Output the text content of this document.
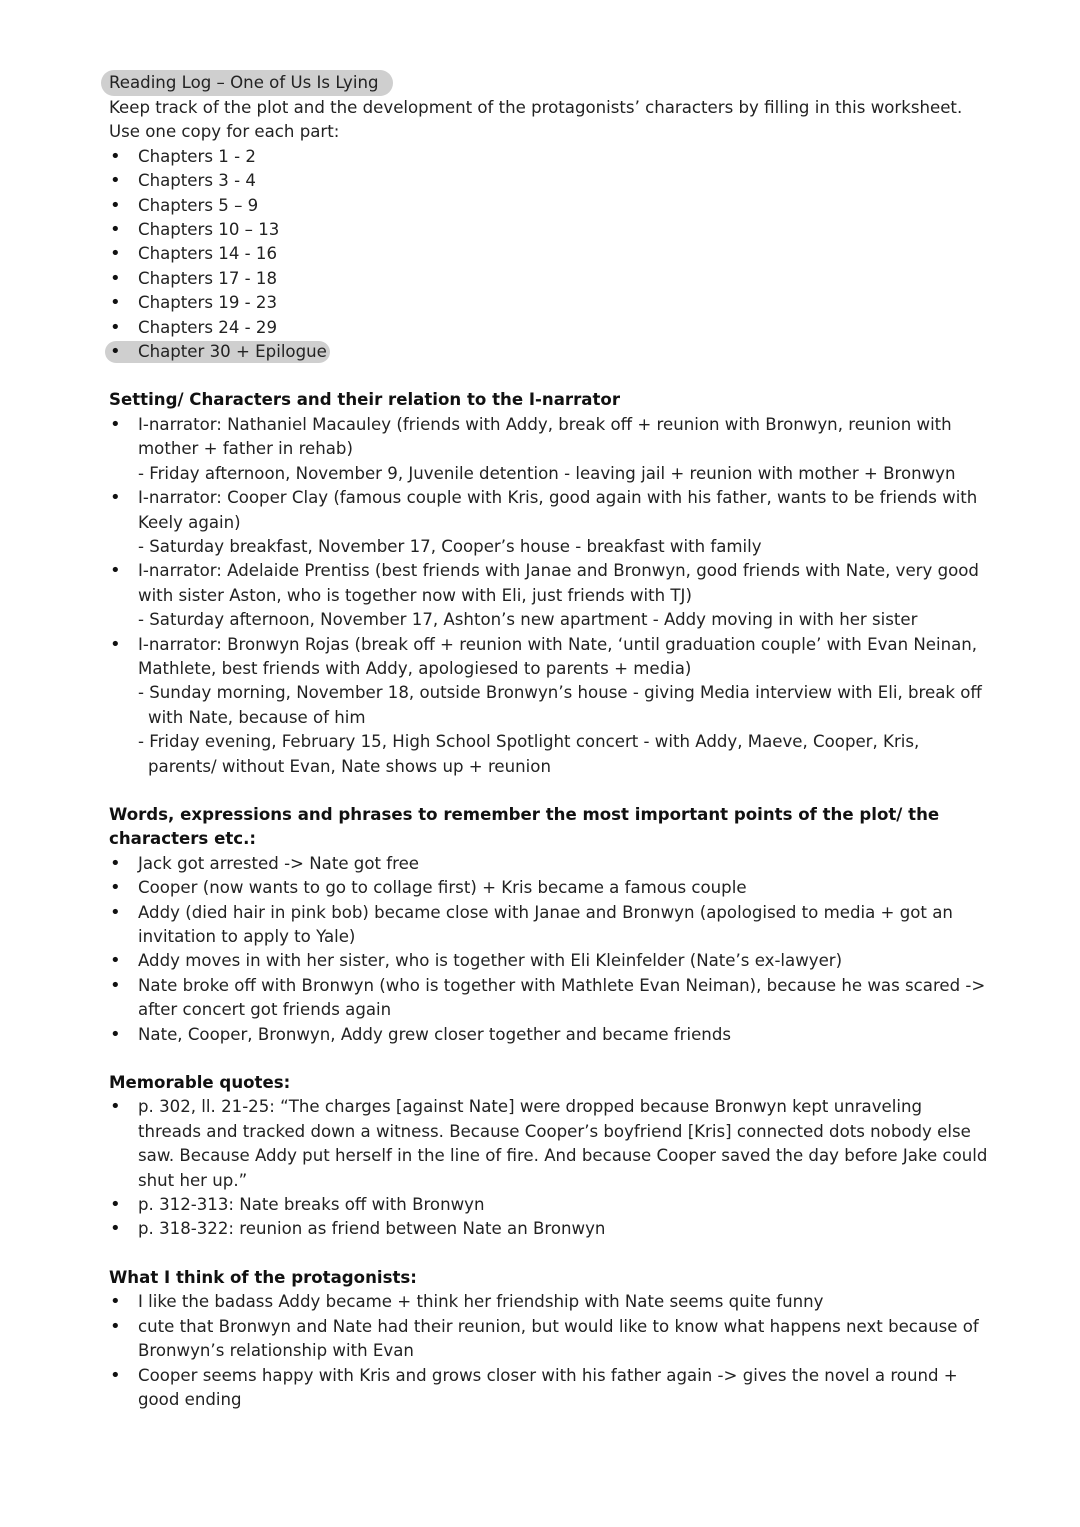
Reading Log – One of Us Is Lying

Keep track of the plot and the development of the protagonists’ characters by filling in this worksheet. Use one copy for each part:

• Chapters 1 - 2
• Chapters 3 - 4
• Chapters 5 – 9
• Chapters 10 – 13
• Chapters 14 - 16
• Chapters 17 - 18
• Chapters 19 - 23
• Chapters 24 - 29
• Chapter 30 + Epilogue
Setting/ Characters and their relation to the I-narrator
• I-narrator: Nathaniel Macauley (friends with Addy, break off + reunion with Bronwyn, reunion with mother + father in rehab)
- Friday afternoon, November 9, Juvenile detention - leaving jail + reunion with mother + Bronwyn
• I-narrator: Cooper Clay (famous couple with Kris, good again with his father, wants to be friends with Keely again)
- Saturday breakfast, November 17, Cooper’s house - breakfast with family
• I-narrator: Adelaide Prentiss (best friends with Janae and Bronwyn, good friends with Nate, very good with sister Aston, who is together now with Eli, just friends with TJ)
- Saturday afternoon, November 17, Ashton’s new apartment - Addy moving in with her sister
• I-narrator: Bronwyn Rojas (break off + reunion with Nate, ‘until graduation couple’ with Evan Neinan, Mathlete, best friends with Addy, apologiesed to parents + media)
- Sunday morning, November 18, outside Bronwyn’s house - giving Media interview with Eli, break off with Nate, because of him
- Friday evening, February 15, High School Spotlight concert - with Addy, Maeve, Cooper, Kris, parents/ without Evan, Nate shows up + reunion
Words, expressions and phrases to remember the most important points of the plot/ the characters etc.:
• Jack got arrested -> Nate got free
• Cooper (now wants to go to collage first) + Kris became a famous couple
• Addy (died hair in pink bob) became close with Janae and Bronwyn (apologised to media + got an invitation to apply to Yale)
• Addy moves in with her sister, who is together with Eli Kleinfelder (Nate’s ex-lawyer)
• Nate broke off with Bronwyn (who is together with Mathlete Evan Neiman), because he was scared -> after concert got friends again
• Nate, Cooper, Bronwyn, Addy grew closer together and became friends
Memorable quotes:
• p. 302, ll. 21-25: “The charges [against Nate] were dropped because Bronwyn kept unraveling threads and tracked down a witness. Because Cooper’s boyfriend [Kris] connected dots nobody else saw. Because Addy put herself in the line of fire. And because Cooper saved the day before Jake could shut her up.”
• p. 312-313: Nate breaks off with Bronwyn
• p. 318-322: reunion as friend between Nate an Bronwyn
What I think of the protagonists:
• I like the badass Addy became + think her friendship with Nate seems quite funny
• cute that Bronwyn and Nate had their reunion, but would like to know what happens next because of Bronwyn’s relationship with Evan
• Cooper seems happy with Kris and grows closer with his father again -> gives the novel a round + good ending
